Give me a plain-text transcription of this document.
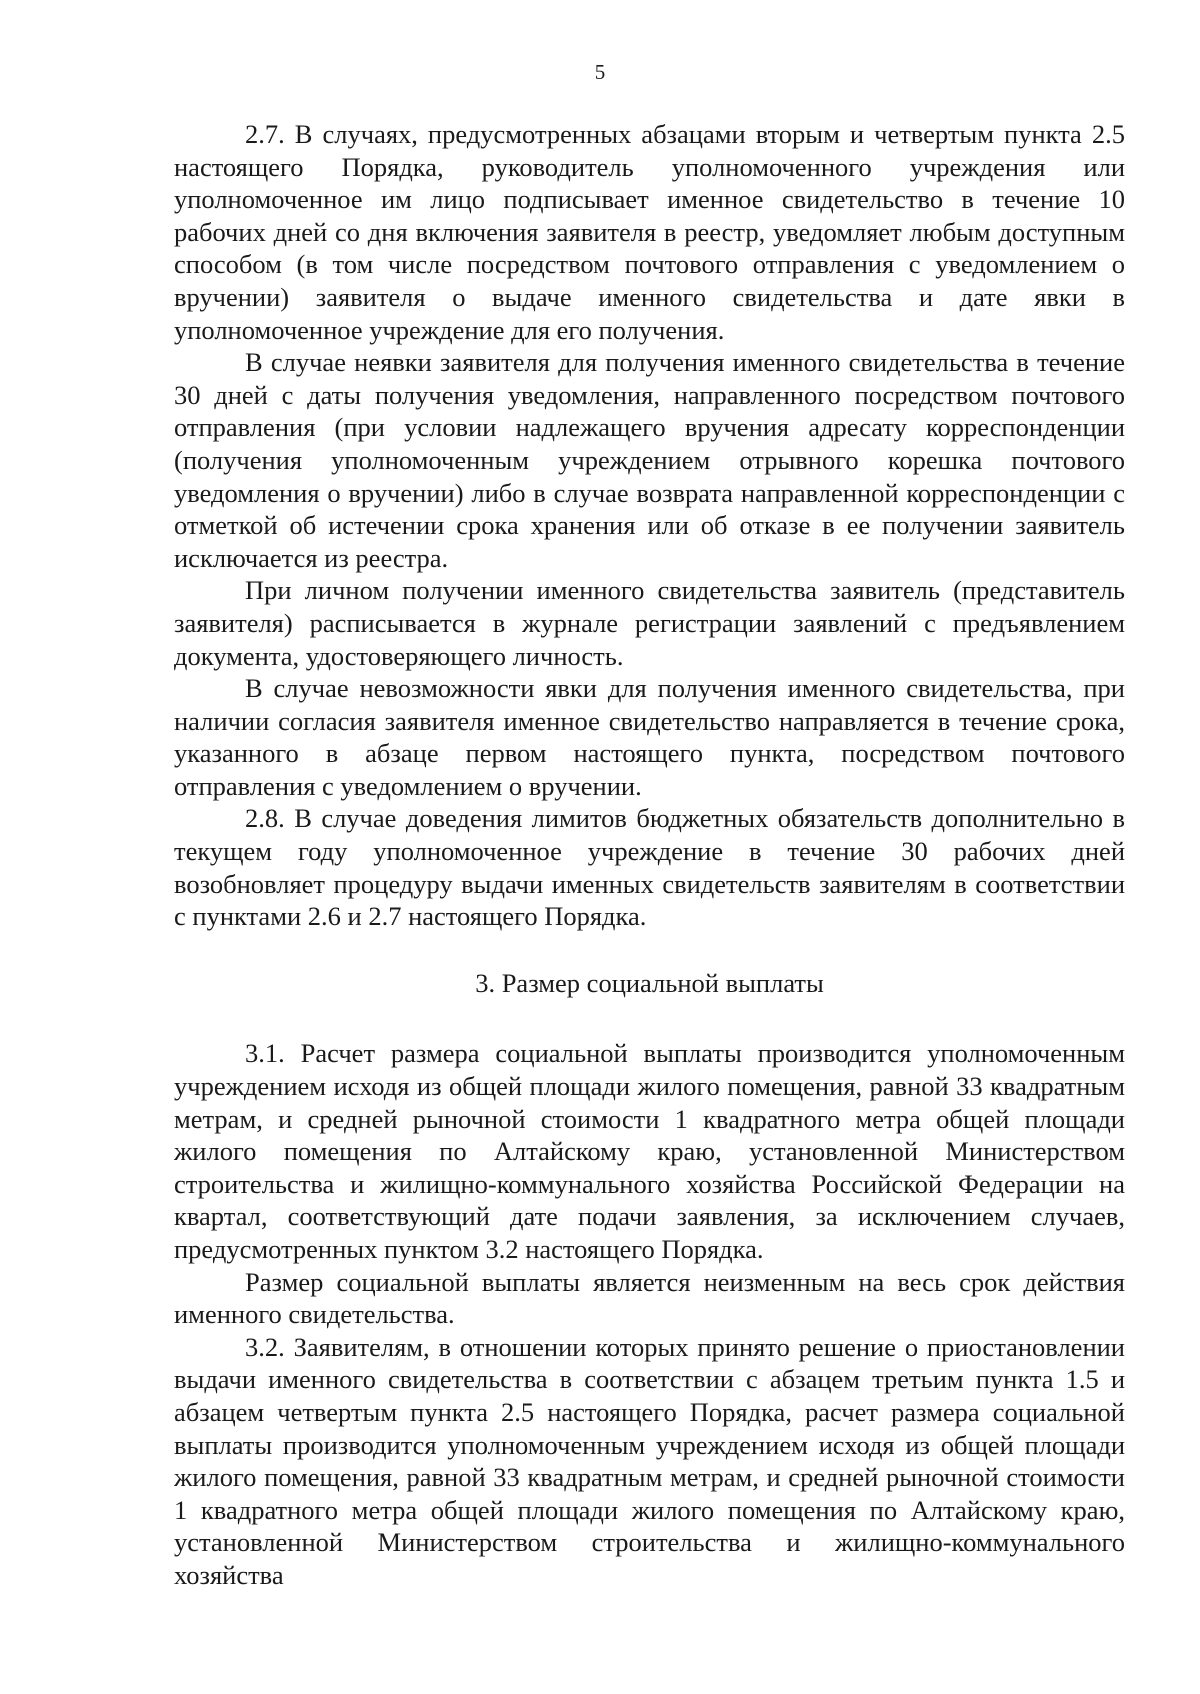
5

2.7. В случаях, предусмотренных абзацами вторым и четвертым пункта 2.5 настоящего Порядка, руководитель уполномоченного учреждения или уполномоченное им лицо подписывает именное свидетельство в течение 10 рабочих дней со дня включения заявителя в реестр, уведомляет любым доступным способом (в том числе посредством почтового отправления с уведомлением о вручении) заявителя о выдаче именного свидетельства и дате явки в уполномоченное учреждение для его получения.

В случае неявки заявителя для получения именного свидетельства в течение 30 дней с даты получения уведомления, направленного посредством почтового отправления (при условии надлежащего вручения адресату корреспонденции (получения уполномоченным учреждением отрывного корешка почтового уведомления о вручении) либо в случае возврата направленной корреспонденции с отметкой об истечении срока хранения или об отказе в ее получении заявитель исключается из реестра.

При личном получении именного свидетельства заявитель (представитель заявителя) расписывается в журнале регистрации заявлений с предъявлением документа, удостоверяющего личность.

В случае невозможности явки для получения именного свидетельства, при наличии согласия заявителя именное свидетельство направляется в течение срока, указанного в абзаце первом настоящего пункта, посредством почтового отправления с уведомлением о вручении.

2.8. В случае доведения лимитов бюджетных обязательств дополнительно в текущем году уполномоченное учреждение в течение 30 рабочих дней возобновляет процедуру выдачи именных свидетельств заявителям в соответствии с пунктами 2.6 и 2.7 настоящего Порядка.

3. Размер социальной выплаты

3.1. Расчет размера социальной выплаты производится уполномоченным учреждением исходя из общей площади жилого помещения, равной 33 квадратным метрам, и средней рыночной стоимости 1 квадратного метра общей площади жилого помещения по Алтайскому краю, установленной Министерством строительства и жилищно-коммунального хозяйства Российской Федерации на квартал, соответствующий дате подачи заявления, за исключением случаев, предусмотренных пунктом 3.2 настоящего Порядка.

Размер социальной выплаты является неизменным на весь срок действия именного свидетельства.

3.2. Заявителям, в отношении которых принято решение о приостановлении выдачи именного свидетельства в соответствии с абзацем третьим пункта 1.5 и абзацем четвертым пункта 2.5 настоящего Порядка, расчет размера социальной выплаты производится уполномоченным учреждением исходя из общей площади жилого помещения, равной 33 квадратным метрам, и средней рыночной стоимости 1 квадратного метра общей площади жилого помещения по Алтайскому краю, установленной Министерством строительства и жилищно-коммунального хозяйства
